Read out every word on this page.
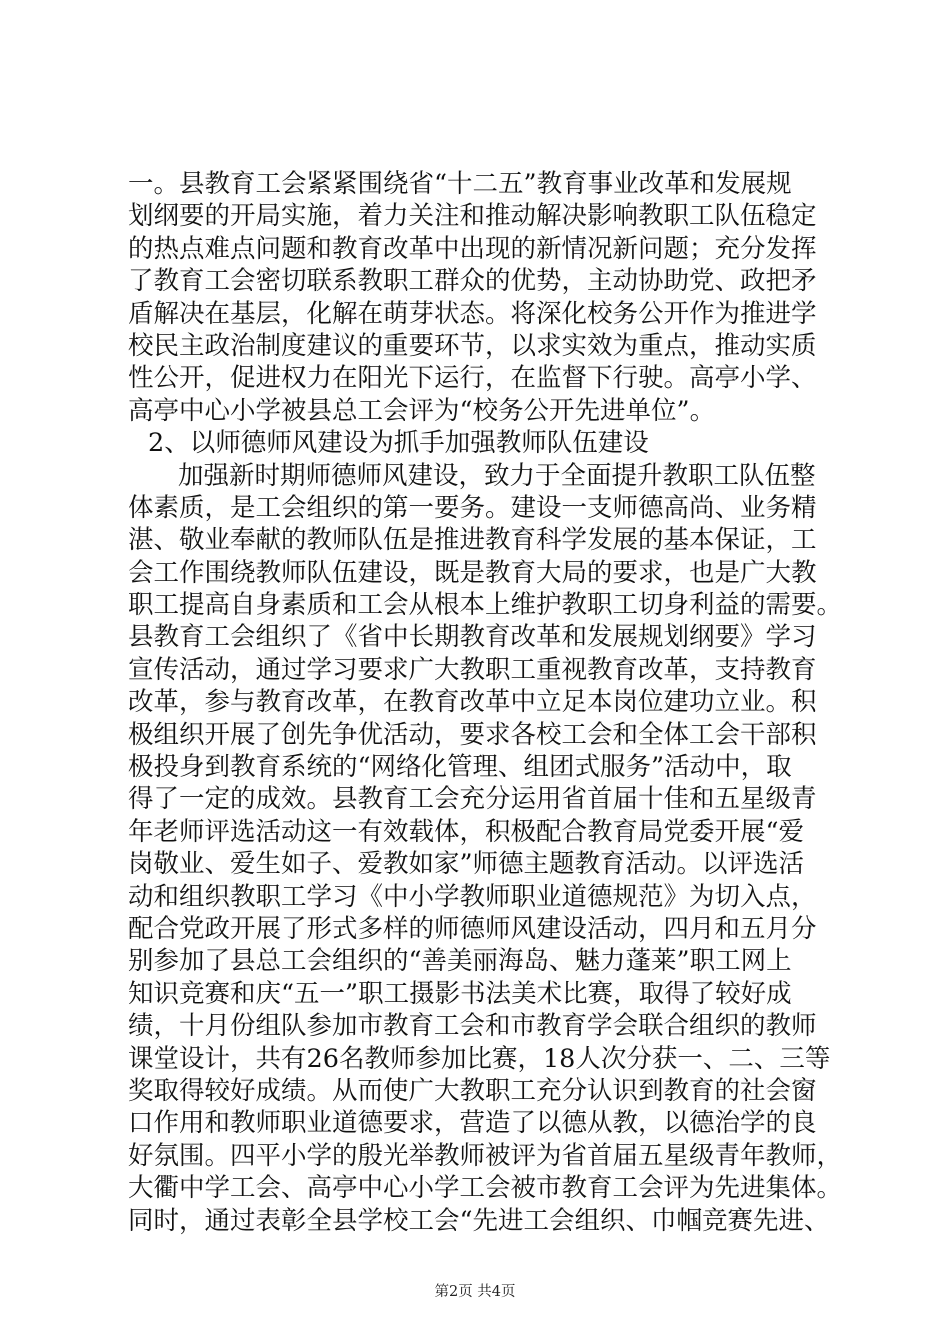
一。县教育工会紧紧围绕省“十二五”教育事业改革和发展规
划纲要的开局实施，着力关注和推动解决影响教职工队伍稳定
的热点难点问题和教育改革中出现的新情况新问题；充分发挥
了教育工会密切联系教职工群众的优势，主动协助党、政把矛
盾解决在基层，化解在萌芽状态。将深化校务公开作为推进学
校民主政治制度建议的重要环节，以求实效为重点，推动实质
性公开，促进权力在阳光下运行，在监督下行驶。高亭小学、
高亭中心小学被县总工会评为“校务公开先进单位”。
2、以师德师风建设为抓手加强教师队伍建设
加强新时期师德师风建设，致力于全面提升教职工队伍整
体素质，是工会组织的第一要务。建设一支师德高尚、业务精
湛、敬业奉献的教师队伍是推进教育科学发展的基本保证，工
会工作围绕教师队伍建设，既是教育大局的要求，也是广大教
职工提高自身素质和工会从根本上维护教职工切身利益的需要。
县教育工会组织了《省中长期教育改革和发展规划纲要》学习
宣传活动，通过学习要求广大教职工重视教育改革，支持教育
改革，参与教育改革，在教育改革中立足本岗位建功立业。积
极组织开展了创先争优活动，要求各校工会和全体工会干部积
极投身到教育系统的“网络化管理、组团式服务”活动中，取
得了一定的成效。县教育工会充分运用省首届十佳和五星级青
年老师评选活动这一有效载体，积极配合教育局党委开展“爱
岗敬业、爱生如子、爱教如家”师德主题教育活动。以评选活
动和组织教职工学习《中小学教师职业道德规范》为切入点，
配合党政开展了形式多样的师德师风建设活动，四月和五月分
别参加了县总工会组织的“善美丽海岛、魅力蓬莱”职工网上
知识竞赛和庆“五一”职工摄影书法美术比赛，取得了较好成
绩，十月份组队参加市教育工会和市教育学会联合组织的教师
课堂设计，共有26名教师参加比赛，18人次分获一、二、三等
奖取得较好成绩。从而使广大教职工充分认识到教育的社会窗
口作用和教师职业道德要求，营造了以德从教，以德治学的良
好氛围。四平小学的殷光举教师被评为省首届五星级青年教师，
大衢中学工会、高亭中心小学工会被市教育工会评为先进集体。
同时，通过表彰全县学校工会“先进工会组织、巾帼竞赛先进、
第2页 共4页
